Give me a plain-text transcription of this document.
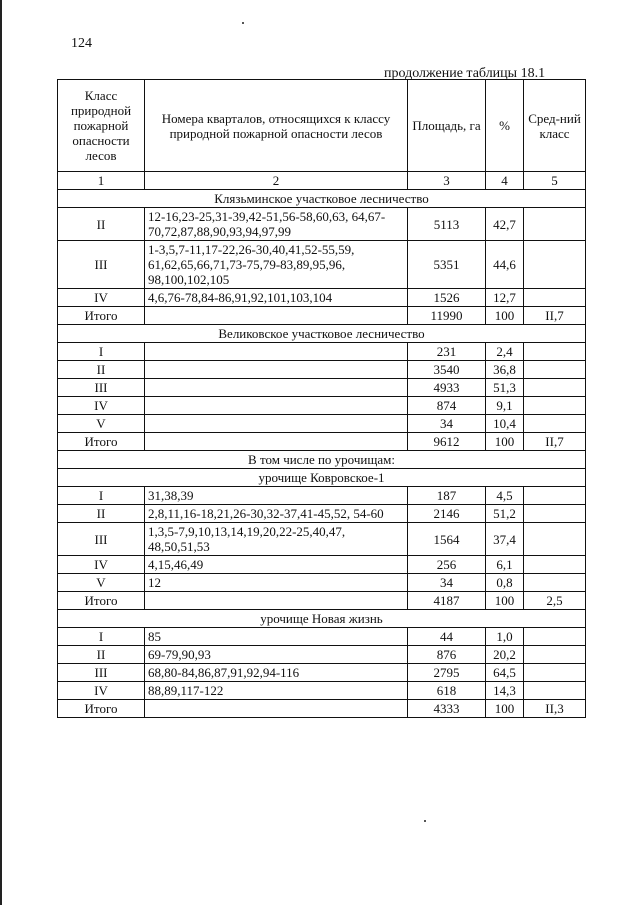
124
продолжение таблицы 18.1
Класс природной пожарной опасности лесов	Номера кварталов, относящихся к классу природной пожарной опасности лесов	Площадь, га	%	Сред-ний класс
1	2	3	4	5
Клязьминское участковое лесничество				
II	12-16,23-25,31-39,42-51,56-58,60,63, 64,67-70,72,87,88,90,93,94,97,99	5113	42,7	
III	1-3,5,7-11,17-22,26-30,40,41,52-55,59, 61,62,65,66,71,73-75,79-83,89,95,96, 98,100,102,105	5351	44,6	
IV	4,6,76-78,84-86,91,92,101,103,104	1526	12,7	
Итого		11990	100	II,7
Великовское участковое лесничество				
I		231	2,4	
II		3540	36,8	
III		4933	51,3	
IV		874	9,1	
V		34	10,4	
Итого		9612	100	II,7
В том числе по урочищам:				
урочище Ковровское-1				
I	31,38,39	187	4,5	
II	2,8,11,16-18,21,26-30,32-37,41-45,52, 54-60	2146	51,2	
III	1,3,5-7,9,10,13,14,19,20,22-25,40,47, 48,50,51,53	1564	37,4	
IV	4,15,46,49	256	6,1	
V	12	34	0,8	
Итого		4187	100	2,5
урочище Новая жизнь				
I	85	44	1,0	
II	69-79,90,93	876	20,2	
III	68,80-84,86,87,91,92,94-116	2795	64,5	
IV	88,89,117-122	618	14,3	
Итого		4333	100	II,3
